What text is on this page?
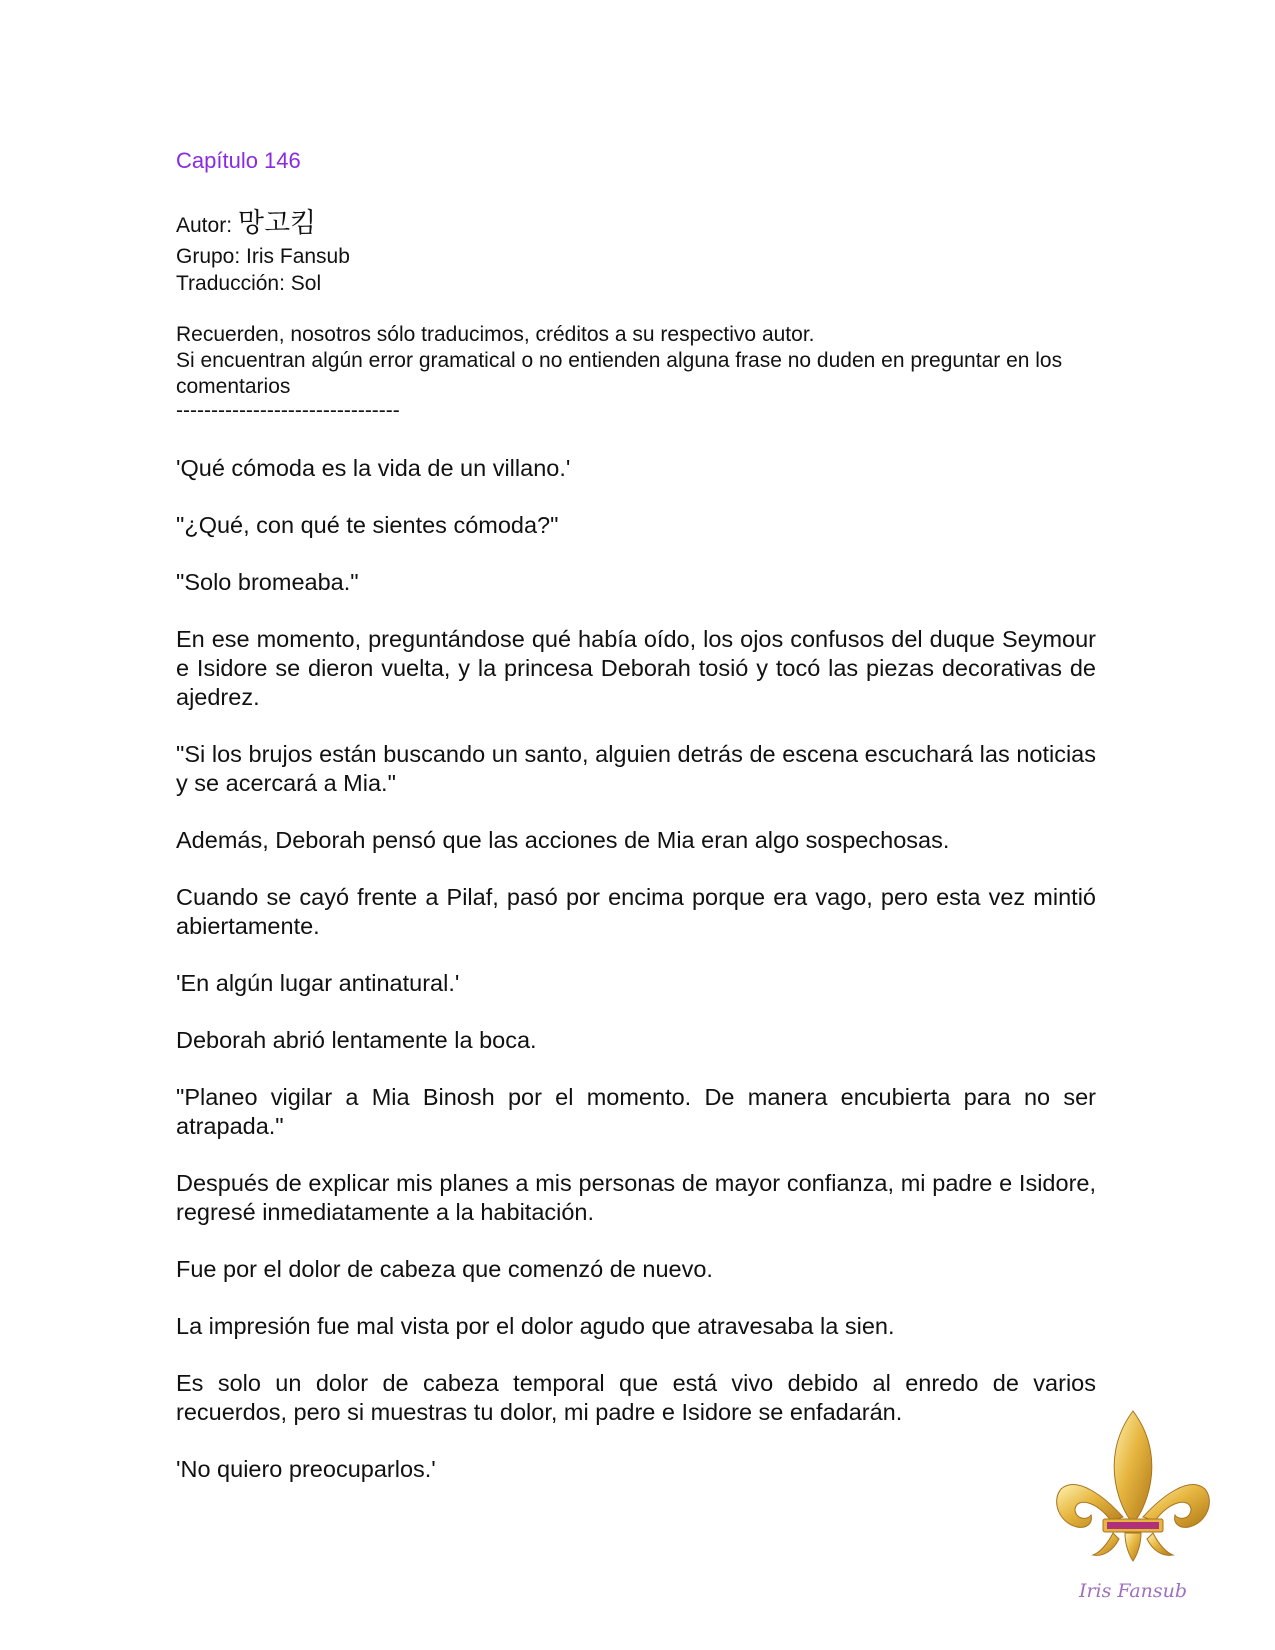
Capítulo 146
Autor: 망고킴
Grupo: Iris Fansub
Traducción: Sol

Recuerden, nosotros sólo traducimos, créditos a su respectivo autor.

Si encuentran algún error gramatical o no entienden alguna frase no duden en preguntar en los comentarios

--------------------------------

'Qué cómoda es la vida de un villano.'

"¿Qué, con qué te sientes cómoda?"

"Solo bromeaba."

En ese momento, preguntándose qué había oído, los ojos confusos del duque Seymour e Isidore se dieron vuelta, y la princesa Deborah tosió y tocó las piezas decorativas de ajedrez.

"Si los brujos están buscando un santo, alguien detrás de escena escuchará las noticias y se acercará a Mia."

Además, Deborah pensó que las acciones de Mia eran algo sospechosas.

Cuando se cayó frente a Pilaf, pasó por encima porque era vago, pero esta vez mintió abiertamente.

'En algún lugar antinatural.'

Deborah abrió lentamente la boca.

"Planeo vigilar a Mia Binosh por el momento. De manera encubierta para no ser atrapada."

Después de explicar mis planes a mis personas de mayor confianza, mi padre e Isidore, regresé inmediatamente a la habitación.

Fue por el dolor de cabeza que comenzó de nuevo.

La impresión fue mal vista por el dolor agudo que atravesaba la sien.

Es solo un dolor de cabeza temporal que está vivo debido al enredo de varios recuerdos, pero si muestras tu dolor, mi padre e Isidore se enfadarán.

'No quiero preocuparlos.'

Iris Fansub
